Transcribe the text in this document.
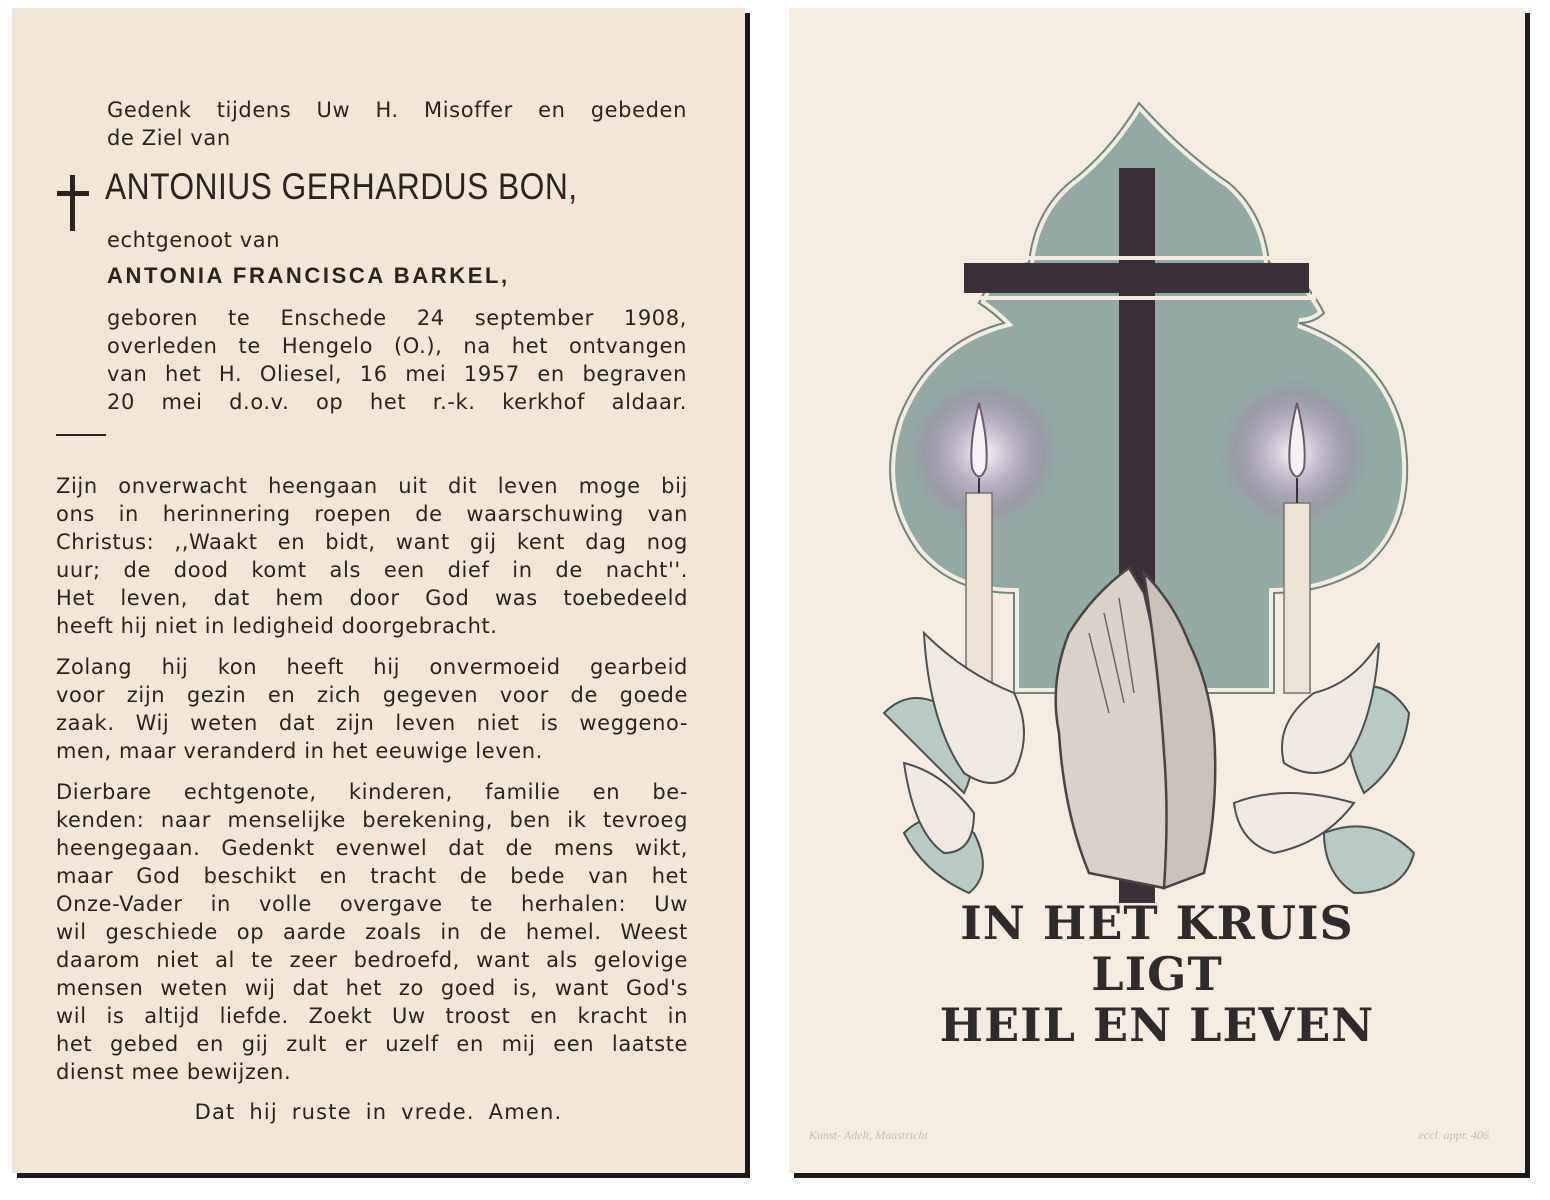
Gedenk tijdens Uw H. Misoffer en gebeden
de Ziel van
ANTONIUS GERHARDUS BON,
echtgenoot van
ANTONIA FRANCISCA BARKEL,
geboren te Enschede 24 september 1908,
overleden te Hengelo (O.), na het ontvangen
van het H. Oliesel, 16 mei 1957 en begraven
20 mei d.o.v. op het r.-k. kerkhof aldaar.
Zijn onverwacht heengaan uit dit leven moge bij
ons in herinnering roepen de waarschuwing van
Christus: ,,Waakt en bidt, want gij kent dag nog
uur; de dood komt als een dief in de nacht''.
Het leven, dat hem door God was toebedeeld
heeft hij niet in ledigheid doorgebracht.
Zolang hij kon heeft hij onvermoeid gearbeid
voor zijn gezin en zich gegeven voor de goede
zaak. Wij weten dat zijn leven niet is weggeno-
men, maar veranderd in het eeuwige leven.
Dierbare echtgenote, kinderen, familie en be-
kenden: naar menselijke berekening, ben ik tevroeg
heengegaan. Gedenkt evenwel dat de mens wikt,
maar God beschikt en tracht de bede van het
Onze-Vader in volle overgave te herhalen: Uw
wil geschiede op aarde zoals in de hemel. Weest
daarom niet al te zeer bedroefd, want als gelovige
mensen weten wij dat het zo goed is, want God's
wil is altijd liefde. Zoekt Uw troost en kracht in
het gebed en gij zult er uzelf en mij een laatste
dienst mee bewijzen.
Dat hij ruste in vrede. Amen.
IN HET KRUIS
LIGT
HEIL EN LEVEN
Kunst- Adelt, Maastricht	eccl. appr. 406
